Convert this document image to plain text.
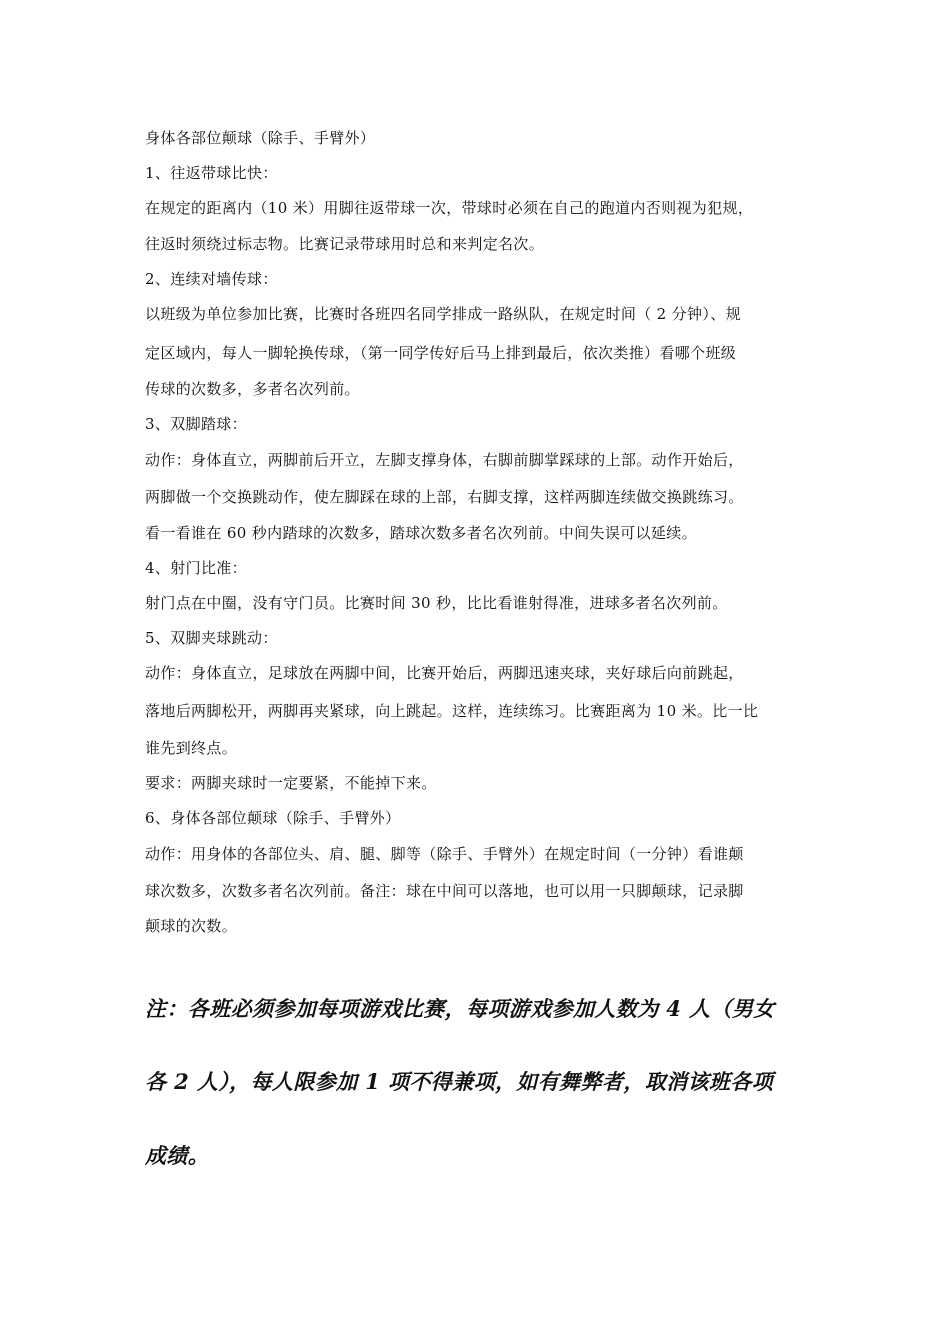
身体各部位颠球（除手、手臂外）
1、往返带球比快：
在规定的距离内（10 米）用脚往返带球一次，带球时必须在自己的跑道内否则视为犯规，
往返时须绕过标志物。比赛记录带球用时总和来判定名次。
2、连续对墙传球：
以班级为单位参加比赛，比赛时各班四名同学排成一路纵队，在规定时间（ 2 分钟）、规
定区域内，每人一脚轮换传球，（第一同学传好后马上排到最后，依次类推）看哪个班级
传球的次数多，多者名次列前。
3、双脚踏球：
动作：身体直立，两脚前后开立，左脚支撑身体，右脚前脚掌踩球的上部。动作开始后，
两脚做一个交换跳动作，使左脚踩在球的上部，右脚支撑，这样两脚连续做交换跳练习。
看一看谁在 60 秒内踏球的次数多，踏球次数多者名次列前。中间失误可以延续。
4、射门比准：
射门点在中圈，没有守门员。比赛时间 30 秒，比比看谁射得准，进球多者名次列前。
5、双脚夹球跳动：
动作：身体直立，足球放在两脚中间，比赛开始后，两脚迅速夹球，夹好球后向前跳起，
落地后两脚松开，两脚再夹紧球，向上跳起。这样，连续练习。比赛距离为 10 米。比一比
谁先到终点。
要求：两脚夹球时一定要紧，不能掉下来。
6、身体各部位颠球（除手、手臂外）
动作：用身体的各部位头、肩、腿、脚等（除手、手臂外）在规定时间（一分钟）看谁颠
球次数多，次数多者名次列前。备注：球在中间可以落地，也可以用一只脚颠球，记录脚
颠球的次数。
注：各班必须参加每项游戏比赛，每项游戏参加人数为 4 人（男女
各 2 人），每人限参加 1 项不得兼项，如有舞弊者，取消该班各项
成绩。
